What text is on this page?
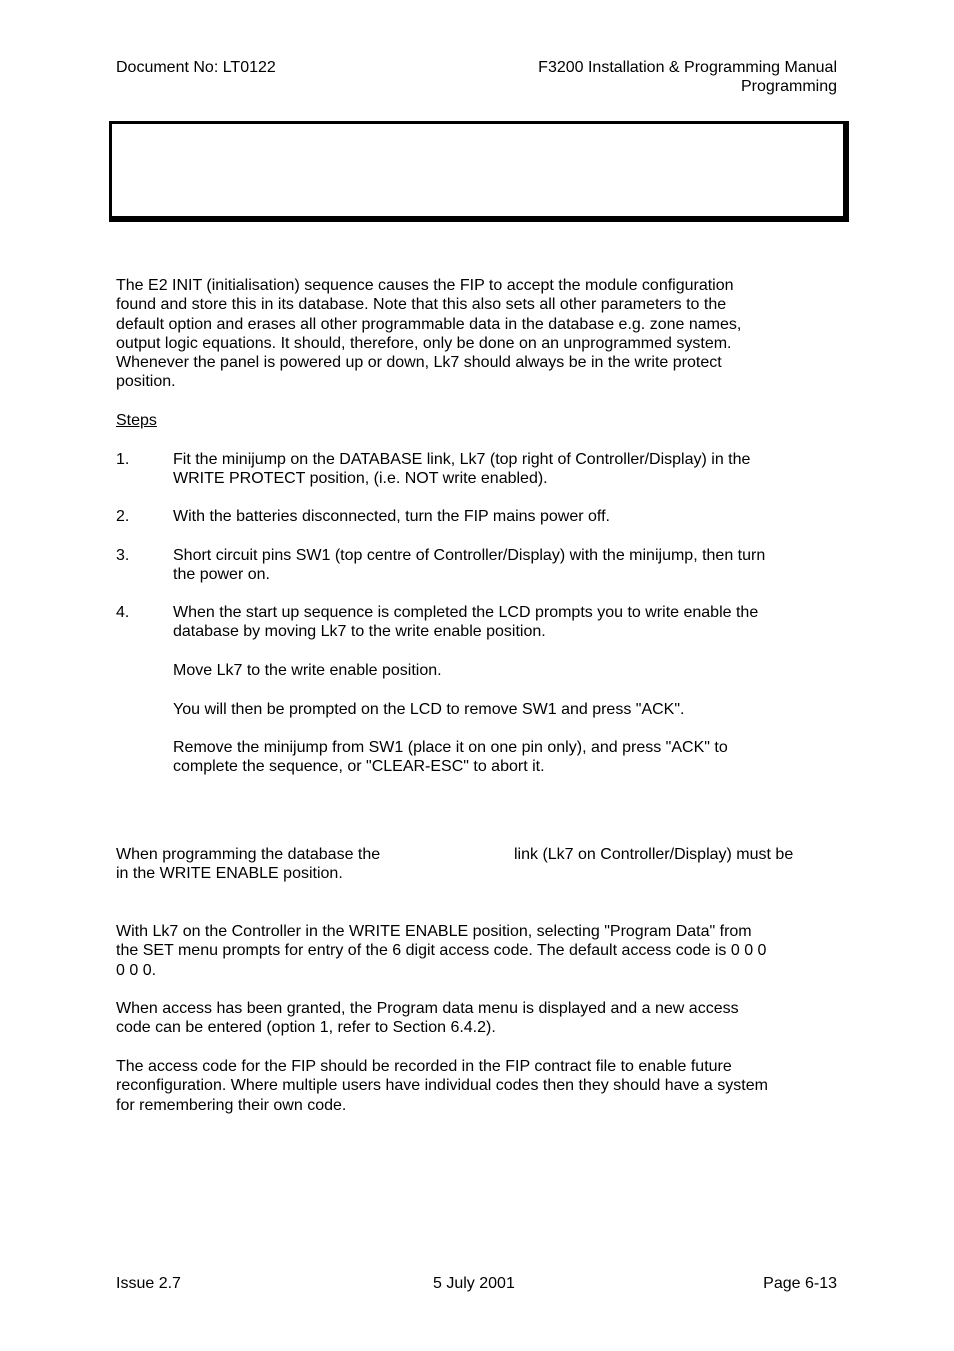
Document No: LT0122	F3200 Installation & Programming Manual
Programming
The E2 INIT (initialisation) sequence causes the FIP to accept the module configuration
found and store this in its database. Note that this also sets all other parameters to the
default option and erases all other programmable data in the database e.g. zone names,
output logic equations. It should, therefore, only be done on an unprogrammed system.
Whenever the panel is powered up or down, Lk7 should always be in the write protect
position.
Steps
1.	Fit the minijump on the DATABASE link, Lk7 (top right of Controller/Display) in the
WRITE PROTECT position, (i.e. NOT write enabled).
2.	With the batteries disconnected, turn the FIP mains power off.
3.	Short circuit pins SW1 (top centre of Controller/Display) with the minijump, then turn
the power on.
4.	When the start up sequence is completed the LCD prompts you to write enable the
database by moving Lk7 to the write enable position.
Move Lk7 to the write enable position.
You will then be prompted on the LCD to remove SW1 and press "ACK".
Remove the minijump from SW1 (place it on one pin only), and press "ACK" to
complete the sequence, or "CLEAR-ESC" to abort it.
When programming the database the	link (Lk7 on Controller/Display) must be
in the WRITE ENABLE position.
With Lk7 on the Controller in the WRITE ENABLE position, selecting "Program Data" from
the SET menu prompts for entry of the 6 digit access code. The default access code is 0 0 0
0 0 0.
When access has been granted, the Program data menu is displayed and a new access
code can be entered (option 1, refer to Section 6.4.2).
The access code for the FIP should be recorded in the FIP contract file to enable future
reconfiguration. Where multiple users have individual codes then they should have a system
for remembering their own code.
Issue 2.7	5 July 2001	Page 6-13
